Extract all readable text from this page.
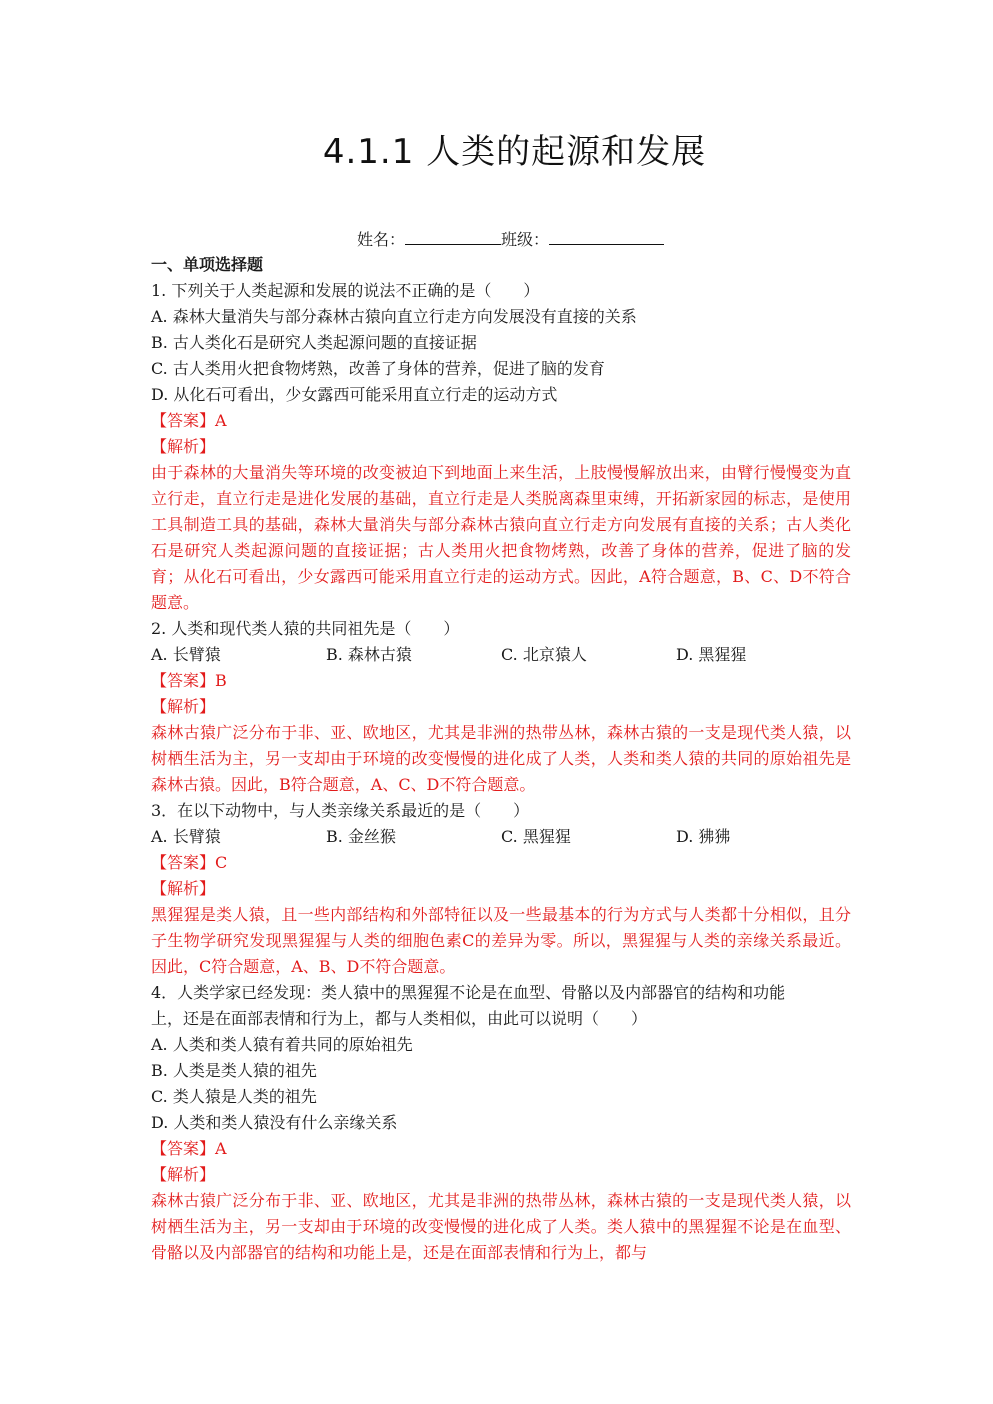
4.1.1 人类的起源和发展
姓名：	班级：
一、单项选择题
1. 下列关于人类起源和发展的说法不正确的是（　　）
A. 森林大量消失与部分森林古猿向直立行走方向发展没有直接的关系
B. 古人类化石是研究人类起源问题的直接证据
C. 古人类用火把食物烤熟，改善了身体的营养，促进了脑的发育
D. 从化石可看出，少女露西可能采用直立行走的运动方式
【答案】A
【解析】
由于森林的大量消失等环境的改变被迫下到地面上来生活，上肢慢慢解放出来，由臂行慢慢变为直立行走，直立行走是进化发展的基础，直立行走是人类脱离森里束缚，开拓新家园的标志，是使用工具制造工具的基础，森林大量消失与部分森林古猿向直立行走方向发展有直接的关系；古人类化石是研究人类起源问题的直接证据；古人类用火把食物烤熟，改善了身体的营养，促进了脑的发育；从化石可看出，少女露西可能采用直立行走的运动方式。因此，A符合题意，B、C、D不符合题意。
2. 人类和现代类人猿的共同祖先是（　　）
A. 长臂猿	B. 森林古猿	C. 北京猿人	D. 黑猩猩
【答案】B
【解析】
森林古猿广泛分布于非、亚、欧地区，尤其是非洲的热带丛林，森林古猿的一支是现代类人猿，以树栖生活为主，另一支却由于环境的改变慢慢的进化成了人类，人类和类人猿的共同的原始祖先是森林古猿。因此，B符合题意，A、C、D不符合题意。
3．在以下动物中，与人类亲缘关系最近的是（　　）
A. 长臂猿	B. 金丝猴	C. 黑猩猩	D. 狒狒
【答案】C
【解析】
黑猩猩是类人猿，且一些内部结构和外部特征以及一些最基本的行为方式与人类都十分相似，且分子生物学研究发现黑猩猩与人类的细胞色素C的差异为零。所以，黑猩猩与人类的亲缘关系最近。因此，C符合题意，A、B、D不符合题意。
4．人类学家已经发现：类人猿中的黑猩猩不论是在血型、骨骼以及内部器官的结构和功能
上，还是在面部表情和行为上，都与人类相似，由此可以说明（　　）
A. 人类和类人猿有着共同的原始祖先
B. 人类是类人猿的祖先
C. 类人猿是人类的祖先
D. 人类和类人猿没有什么亲缘关系
【答案】A
【解析】
森林古猿广泛分布于非、亚、欧地区，尤其是非洲的热带丛林，森林古猿的一支是现代类人猿，以树栖生活为主，另一支却由于环境的改变慢慢的进化成了人类。类人猿中的黑猩猩不论是在血型、骨骼以及内部器官的结构和功能上是，还是在面部表情和行为上，都与
